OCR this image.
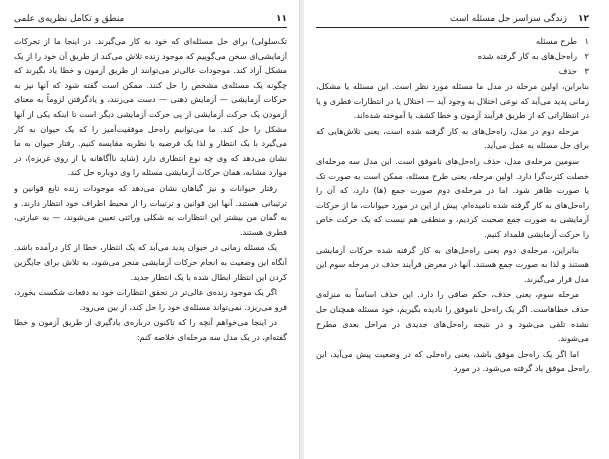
۱۱
منطق و تکامل نظریه‌ی علمی

تک‌سلولی) برای حل مسئله‌ای که خود به کار می‌گیرند. در اینجا ما از تحرکات آزمایشی‌ای سخن می‌گوییم که موجود زنده تلاش می‌کند از طریق آن خود را از یک مشکل آزاد کند. موجودات عالی‌تر می‌توانند از طریق آزمون و خطا یاد بگیرند که چگونه یک مسئله‌ی مشخص را حل کنند. ممکن است گفته شود که آنها نیز به حرکات آزمایشی — آزمایش ذهنی — دست می‌زنند، و یادگرفتن لزوماً به معنای آزمودن یک حرکت آزمایشی از پی حرکت آزمایشی دیگر است تا اینکه یکی از آنها مشکل را حل کند. ما می‌توانیم راه‌حل موفقیت‌آمیز را که یک حیوان به کار می‌گیرد با یک انتظار و لذا یک فرضیه یا نظریه مقایسه کنیم. رفتار حیوان به ما نشان می‌دهد که وی چه نوع انتظاری دارد (شاید ناآگاهانه یا از روی غریزه)، در موارد مشابه، همان حرکات آزمایشی مسئله را وی دوباره حل کند.

رفتار حیوانات و نیز گیاهان نشان می‌دهد که موجودات زنده تابع قوانین و ترتیباتی هستند. آنها این قوانین و ترتیبات را از محیط اطراف خود انتظار دارند. و به گمان من بیشتر این انتظارات به شکلی وراثتی تعیین می‌شوند، — به عبارتی، فطری هستند.

یک مسئله زمانی در حیوان پدید می‌آید که یک انتظار، خطا از کار درآمده باشد. آنگاه این وضعیت به انجام حرکات آزمایشی منجر می‌شود، به تلاش برای جایگزین کردن این انتظار ابطال شده با یک انتظار جدید.

اگر یک موجود زنده‌ی عالی‌تر در تحقق انتظارات خود به دفعات شکست بخورد، فرو می‌ریزد. نمی‌تواند مسئله‌ی خود را حل کند، از بین می‌رود.

در اینجا می‌خواهم آنچه را که تاکنون درباره‌ی یادگیری از طریق آزمون و خطا گفته‌ام، در یک مدل سه مرحله‌ای خلاصه کنم:

۱۲
زندگی سراسر حل مسئله است
۱طرح مسئله
۲راه‌حل‌های به کار گرفته شده
۳حذف

بنابراین، اولین مرحله در مدل ما مسئله مورد نظر است. این مسئله یا مشکل، زمانی پدید می‌آید که نوعی اختلال به وجود آید — اختلال یا در انتظارات فطری و یا در انتظاراتی که از طریق فرآیند آزمون و خطا کشف یا آموخته شده‌اند.

مرحله دوم در مدل، راه‌حل‌های به کار گرفته شده است، یعنی تلاش‌هایی که برای حل مسئله به عمل می‌آید.

سومین مرحله‌ی مدل، حذف راه‌حل‌های ناموفق است. این مدل سه مرحله‌ای خصلت کثرت‌گرا دارد. اولین مرحله، یعنی طرح مسئله، ممکن است به صورت تک یا صورت ظاهر شود. اما در مرحله‌ی دوم صورت جمع (ها) دارد، که آن را راه‌حل‌های به کار گرفته شده نامیده‌ام. پیش از این در مورد حیوانات، ما از حرکات آزمایشی به صورت جمع صحبت کردیم، و منطقی هم نیست که یک حرکت خاص را حرکت آزمایشی قلمداد کنیم.

بنابراین، مرحله‌ی دوم یعنی راه‌حل‌های به کار گرفته شده حرکات آزمایشی هستند و لذا به صورت جمع هستند. آنها در معرض فرآیند حذف در مرحله سوم این مدل قرار می‌گیرند.

مرحله سوم، یعنی حذف، حکم صافی را دارد. این حذف اساساً به منزله‌ی حذف خطاهاست. اگر یک راه‌حل ناموفق را نادیده بگیریم، خود مسئله همچنان حل نشده تلقی می‌شود و در نتیجه راه‌حل‌های جدیدی در مراحل بعدی مطرح می‌شوند.

اما اگر یک راه‌حل موفق باشد، یعنی راه‌حلی که در وضعیت پیش می‌آید، این راه‌حل موفق یاد گرفته می‌شود. در مورد
